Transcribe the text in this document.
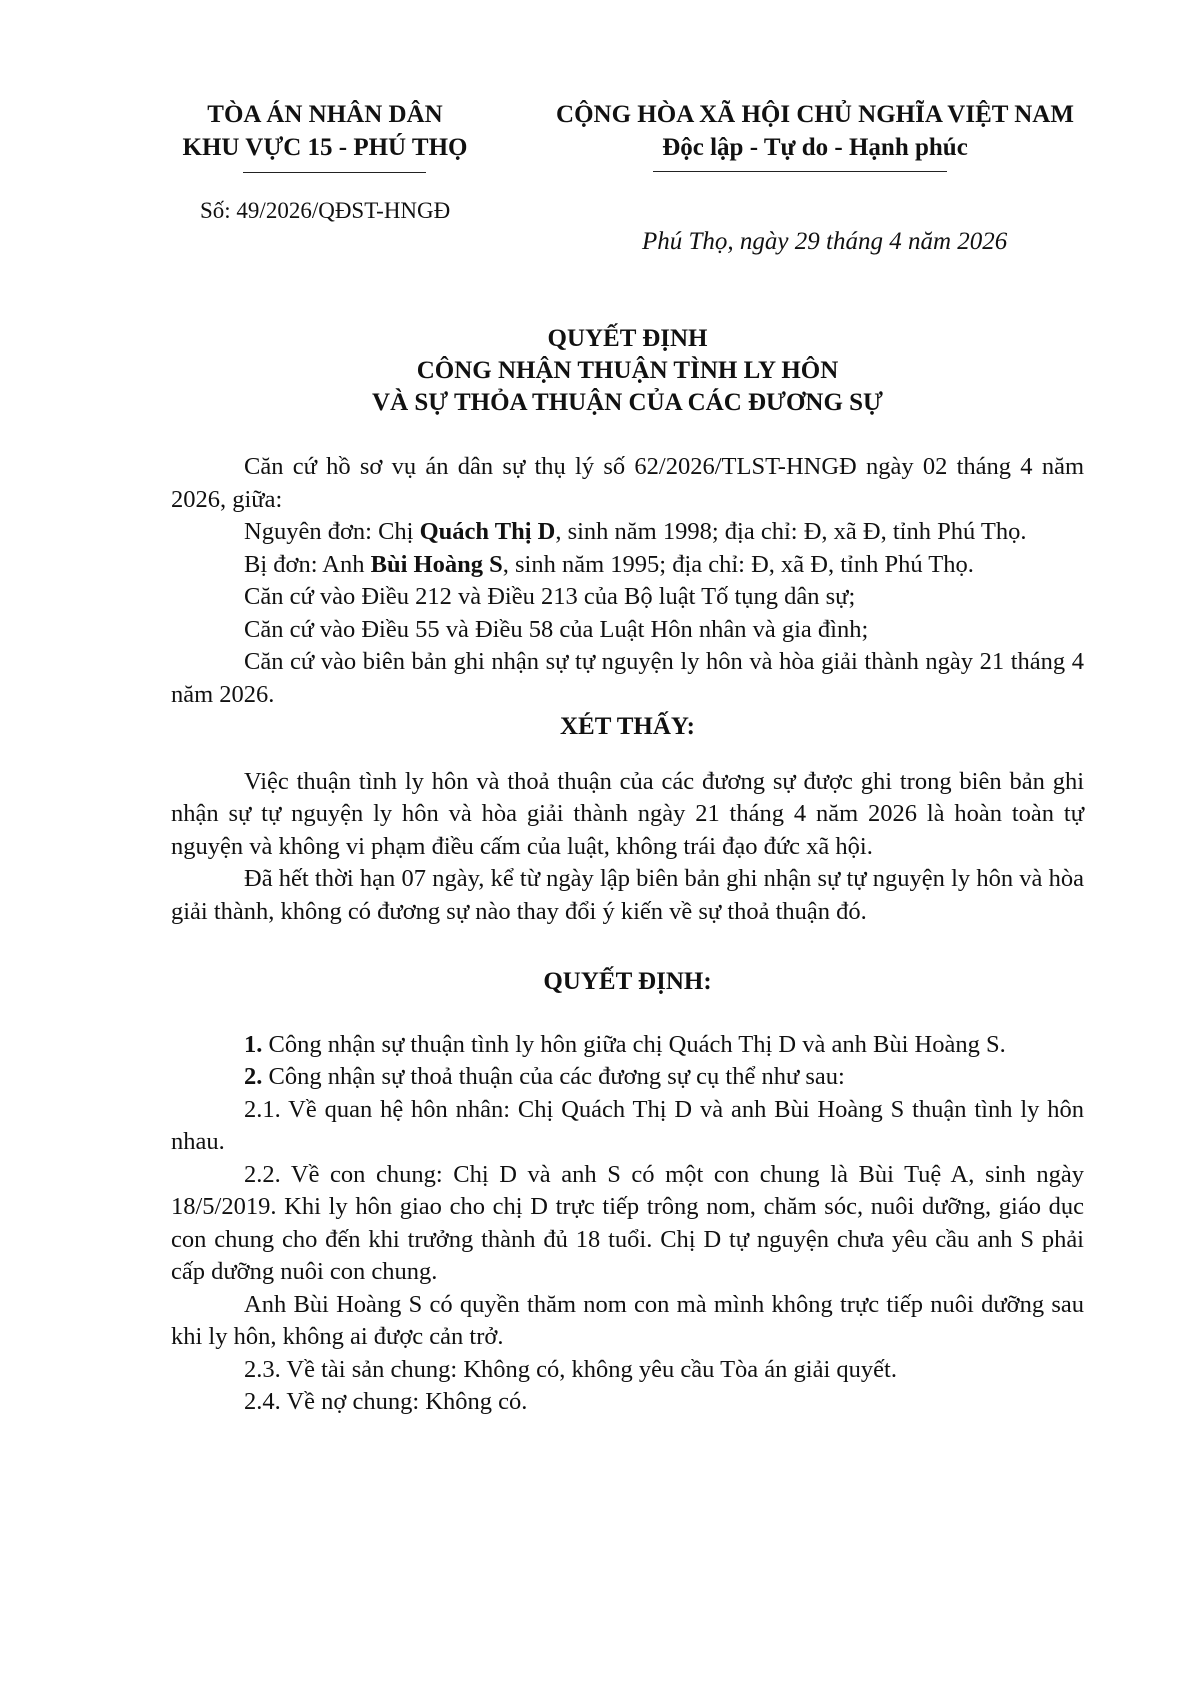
TÒA ÁN NHÂN DÂN
KHU VỰC 15 - PHÚ THỌ
CỘNG HÒA XÃ HỘI CHỦ NGHĨA VIỆT NAM
Độc lập - Tự do - Hạnh phúc
Số: 49/2026/QĐST-HNGĐ
Phú Thọ, ngày 29 tháng 4 năm 2026
QUYẾT ĐỊNH
CÔNG NHẬN THUẬN TÌNH LY HÔN
VÀ SỰ THỎA THUẬN CỦA CÁC ĐƯƠNG SỰ

Căn cứ hồ sơ vụ án dân sự thụ lý số 62/2026/TLST-HNGĐ ngày 02 tháng 4 năm 2026, giữa:

Nguyên đơn: Chị Quách Thị D, sinh năm 1998; địa chỉ: Đ, xã Đ, tỉnh Phú Thọ.

Bị đơn: Anh Bùi Hoàng S, sinh năm 1995; địa chỉ: Đ, xã Đ, tỉnh Phú Thọ.

Căn cứ vào Điều 212 và Điều 213 của Bộ luật Tố tụng dân sự;

Căn cứ vào Điều 55 và Điều 58 của Luật Hôn nhân và gia đình;

Căn cứ vào biên bản ghi nhận sự tự nguyện ly hôn và hòa giải thành ngày 21 tháng 4 năm 2026.

XÉT THẤY:

Việc thuận tình ly hôn và thoả thuận của các đương sự được ghi trong biên bản ghi nhận sự tự nguyện ly hôn và hòa giải thành ngày 21 tháng 4 năm 2026 là hoàn toàn tự nguyện và không vi phạm điều cấm của luật, không trái đạo đức xã hội.

Đã hết thời hạn 07 ngày, kể từ ngày lập biên bản ghi nhận sự tự nguyện ly hôn và hòa giải thành, không có đương sự nào thay đổi ý kiến về sự thoả thuận đó.

QUYẾT ĐỊNH:

1. Công nhận sự thuận tình ly hôn giữa chị Quách Thị D và anh Bùi Hoàng S.

2. Công nhận sự thoả thuận của các đương sự cụ thể như sau:

2.1. Về quan hệ hôn nhân: Chị Quách Thị D và anh Bùi Hoàng S thuận tình ly hôn nhau.

2.2. Về con chung: Chị D và anh S có một con chung là Bùi Tuệ A, sinh ngày 18/5/2019. Khi ly hôn giao cho chị D trực tiếp trông nom, chăm sóc, nuôi dưỡng, giáo dục con chung cho đến khi trưởng thành đủ 18 tuổi. Chị D tự nguyện chưa yêu cầu anh S phải cấp dưỡng nuôi con chung.

Anh Bùi Hoàng S có quyền thăm nom con mà mình không trực tiếp nuôi dưỡng sau khi ly hôn, không ai được cản trở.

2.3. Về tài sản chung: Không có, không yêu cầu Tòa án giải quyết.

2.4. Về nợ chung: Không có.
